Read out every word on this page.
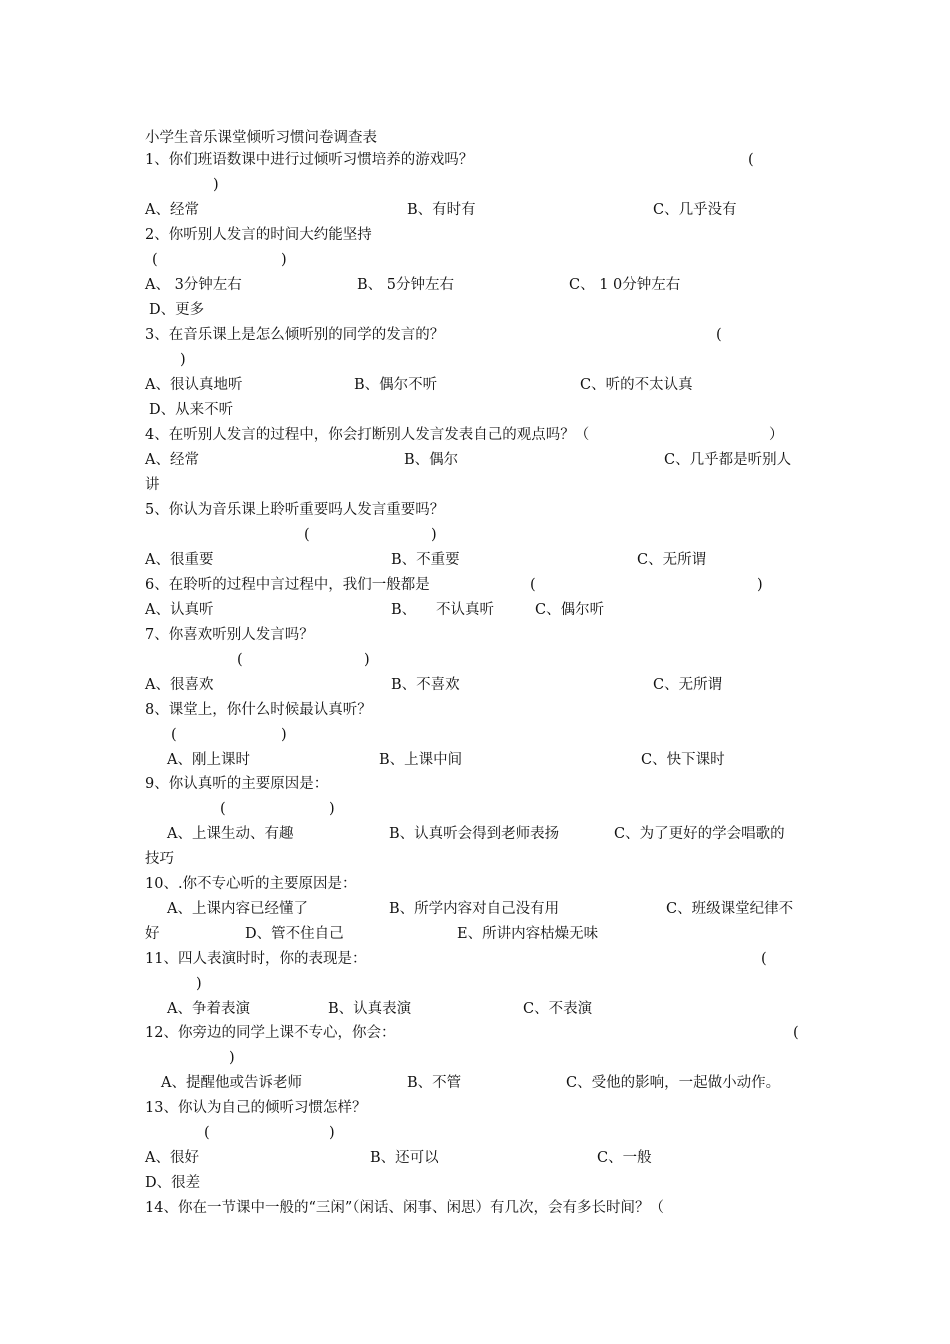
小学生音乐课堂倾听习惯问卷调查表
1、你们班语数课中进行过倾听习惯培养的游戏吗？	(
)
A、经常	B、有时有	C、几乎没有
2、你听别人发言的时间大约能坚持
(	)
A、 3分钟左右	B、 5分钟左右	C、 1 0分钟左右
D、更多
3、在音乐课上是怎么倾听别的同学的发言的？	(
)
A、很认真地听	B、偶尔不听	C、听的不太认真
D、从来不听
4、在听别人发言的过程中，你会打断别人发言发表自己的观点吗？（	）
A、经常	B、偶尔	C、几乎都是听别人
讲
5、你认为音乐课上聆听重要吗人发言重要吗？
(	)
A、很重要	B、不重要	C、无所谓
6、在聆听的过程中言过程中，我们一般都是	(	)
A、认真听	B、 不认真听	C、偶尔听
7、你喜欢听别人发言吗？
(	)
A、很喜欢	B、不喜欢	C、无所谓
8、课堂上，你什么时候最认真听？
(	)
A、刚上课时	B、上课中间	C、快下课时
9、你认真听的主要原因是：
(	)
A、上课生动、有趣	B、认真听会得到老师表扬	C、为了更好的学会唱歌的
技巧
10、.你不专心听的主要原因是：
A、上课内容已经懂了	B、所学内容对自己没有用	C、班级课堂纪律不
好	D、管不住自己	E、所讲内容枯燥无味
11、四人表演时时，你的表现是：	(
)
A、争着表演	B、认真表演	C、不表演
12、你旁边的同学上课不专心，你会：	(
)
A、提醒他或告诉老师	B、不管	C、受他的影响，一起做小动作。
13、你认为自己的倾听习惯怎样？
(	)
A、很好	B、还可以	C、一般
D、很差
14、你在一节课中一般的“三闲”（闲话、闲事、闲思）有几次，会有多长时间？（
